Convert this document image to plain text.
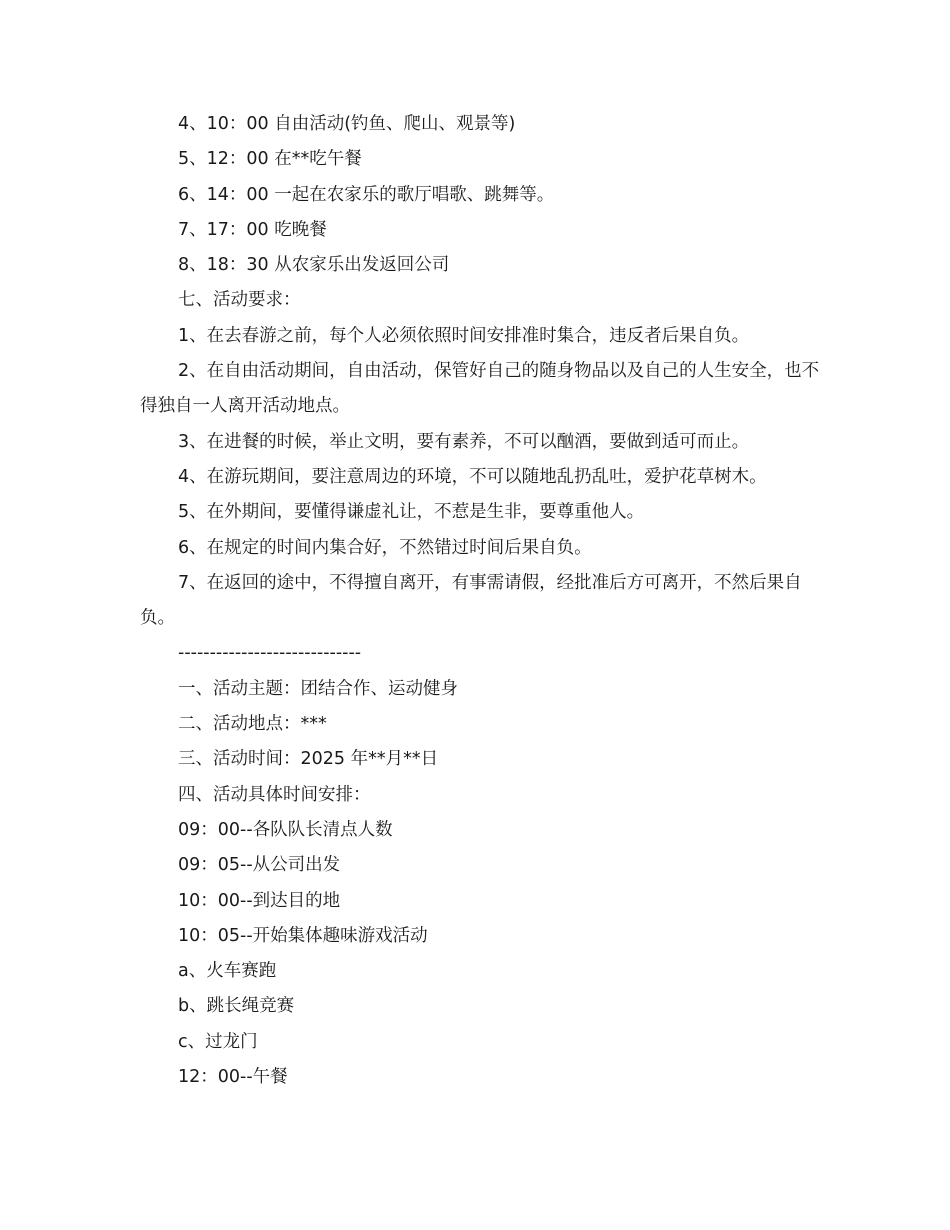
4、10：00 自由活动(钓鱼、爬山、观景等)

5、12：00 在**吃午餐

6、14：00 一起在农家乐的歌厅唱歌、跳舞等。

7、17：00 吃晚餐

8、18：30 从农家乐出发返回公司

七、活动要求：

1、在去春游之前，每个人必须依照时间安排准时集合，违反者后果自负。

2、在自由活动期间，自由活动，保管好自己的随身物品以及自己的人生安全，也不得独自一人离开活动地点。

3、在进餐的时候，举止文明，要有素养，不可以酗酒，要做到适可而止。

4、在游玩期间，要注意周边的环境，不可以随地乱扔乱吐，爱护花草树木。

5、在外期间，要懂得谦虚礼让，不惹是生非，要尊重他人。

6、在规定的时间内集合好，不然错过时间后果自负。

7、在返回的途中，不得擅自离开，有事需请假，经批准后方可离开，不然后果自负。

-----------------------------

一、活动主题：团结合作、运动健身

二、活动地点：***

三、活动时间：2025 年**月**日

四、活动具体时间安排：

09：00--各队队长清点人数

09：05--从公司出发

10：00--到达目的地

10：05--开始集体趣味游戏活动

a、火车赛跑

b、跳长绳竞赛

c、过龙门

12：00--午餐
